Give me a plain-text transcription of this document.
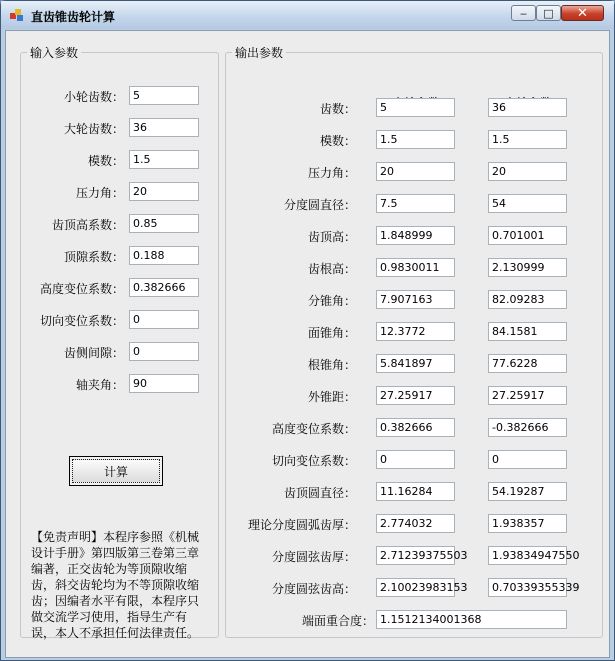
直齿锥齿轮计算	‒ □ ✕
输入参数
小轮齿数： 5
大轮齿数： 36
模数： 1.5
压力角： 20
齿顶高系数： 0.85
顶隙系数： 0.188
高度变位系数： 0.382666
切向变位系数： 0
齿侧间隙： 0
轴夹角： 90
计算
【免责声明】本程序参照《机械设计手册》第四版第三卷第三章编著，正交齿轮为等顶隙收缩齿，斜交齿轮均为不等顶隙收缩齿；因编者水平有限，本程序只做交流学习使用，指导生产有误，本人不承担任何法律责任。
输出参数
齿数：	5	36
模数：	1.5	1.5
压力角：	20	20
分度圆直径：	7.5	54
齿顶高：	1.848999	0.701001
齿根高：	0.9830011	2.130999
分锥角：	7.907163	82.09283
面锥角：	12.3772	84.1581
根锥角：	5.841897	77.6228
外锥距：	27.25917	27.25917
高度变位系数：	0.382666	-0.382666
切向变位系数：	0	0
齿顶圆直径：	11.16284	54.19287
理论分度圆弧齿厚：	2.774032	1.938357
分度圆弦齿厚：	2.71239375503	1.93834947550
分度圆弦齿高：	2.10023983153	0.70339355339
端面重合度： 1.1512134001368
